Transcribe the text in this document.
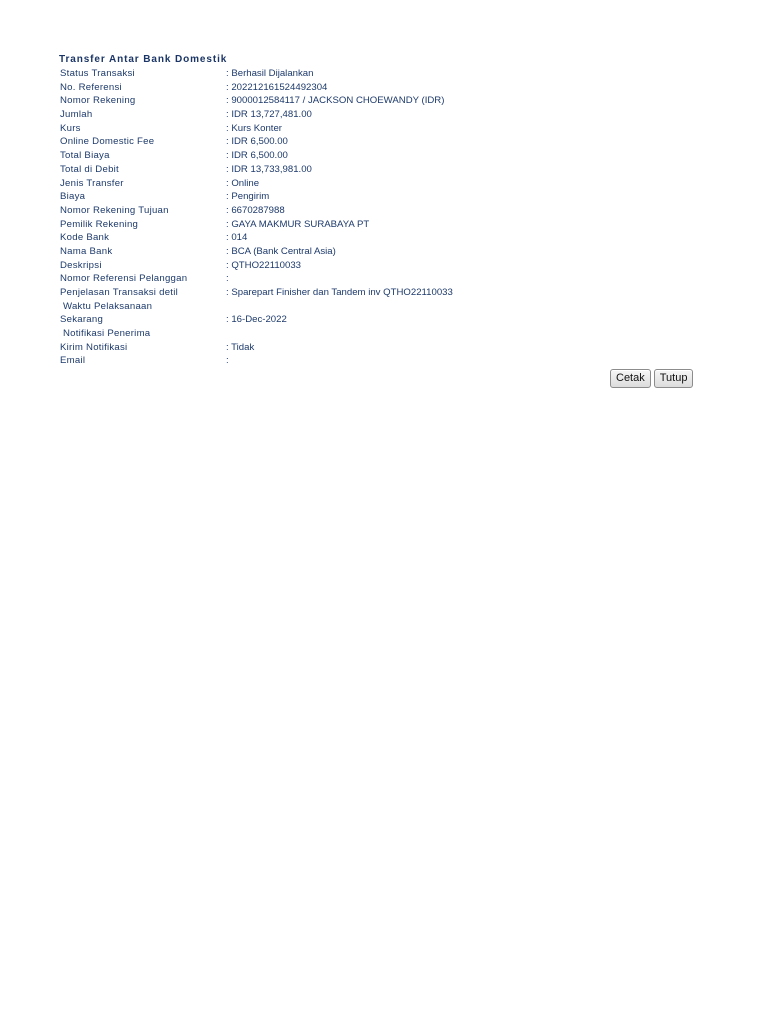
Transfer Antar Bank Domestik
Status Transaksi	: Berhasil Dijalankan
No. Referensi	: 202212161524492304
Nomor Rekening	: 9000012584117 / JACKSON CHOEWANDY (IDR)
Jumlah	: IDR 13,727,481.00
Kurs	: Kurs Konter
Online Domestic Fee	: IDR 6,500.00
Total Biaya	: IDR 6,500.00
Total di Debit	: IDR 13,733,981.00
Jenis Transfer	: Online
Biaya	: Pengirim
Nomor Rekening Tujuan	: 6670287988
Pemilik Rekening	: GAYA MAKMUR SURABAYA PT
Kode Bank	: 014
Nama Bank	: BCA (Bank Central Asia)
Deskripsi	: QTHO22110033
Nomor Referensi Pelanggan	:
Penjelasan Transaksi detil	: Sparepart Finisher dan Tandem inv QTHO22110033
Waktu Pelaksanaan
Sekarang	: 16-Dec-2022
Notifikasi Penerima
Kirim Notifikasi	: Tidak
Email	:
Cetak	Tutup
